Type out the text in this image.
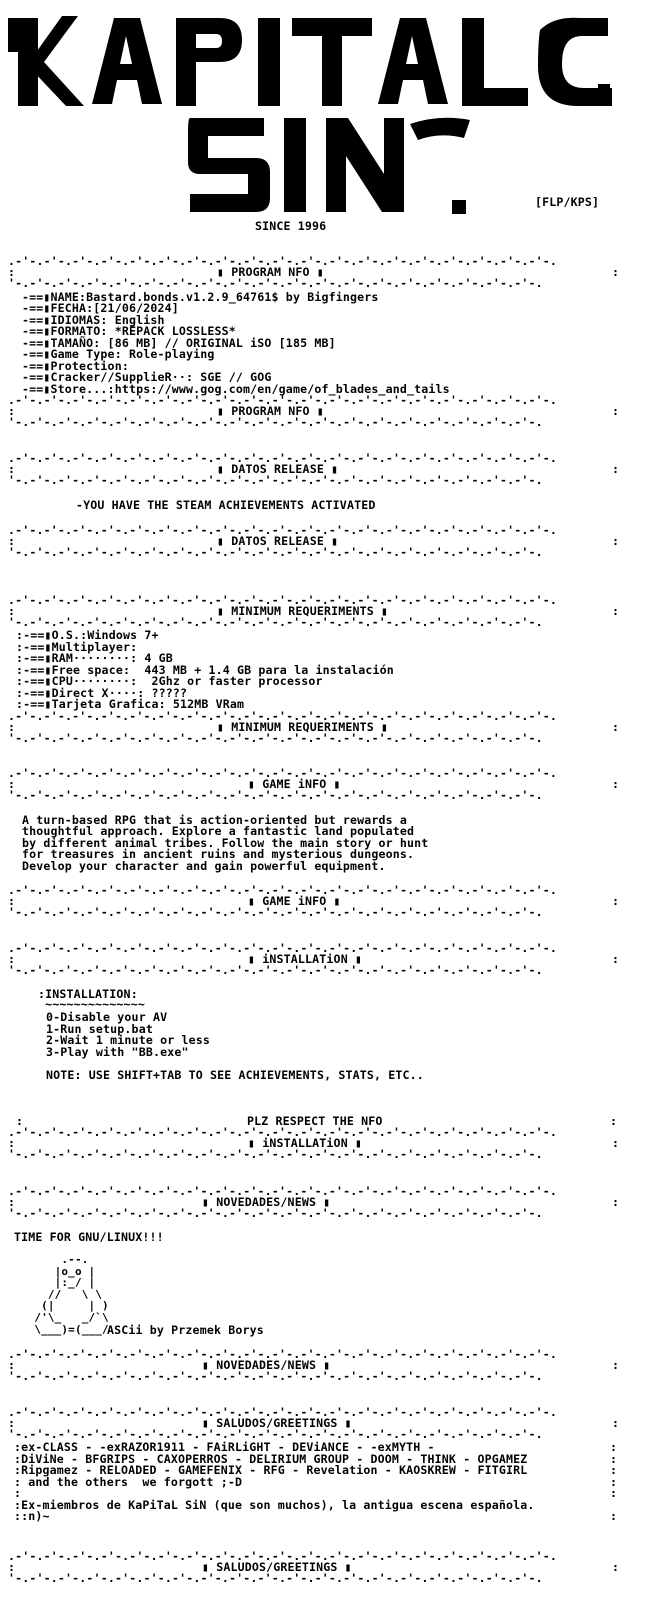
[FLP/KPS]
SINCE 1996
.-'-.-'-.-'-.-'-.-'-.-'-.-'-.-'-.-'-.-'-.-'-.-'-.-'-.-'-.-'-.-'-.-'-.-'-.-'-.
:	▮ PROGRAM NFO ▮	:
'-.-'-.-'-.-'-.-'-.-'-.-'-.-'-.-'-.-'-.-'-.-'-.-'-.-'-.-'-.-'-.-'-.-'-.-'-.
-==▮NAME:Bastard.bonds.v1.2.9_64761$ by Bigfingers
-==▮FECHA:[21/06/2024]
-==▮IDIOMAS: English
-==▮FORMATO: *REPACK LOSSLESS*
-==▮TAMAÑO: [86 MB] // ORIGINAL iSO [185 MB]
-==▮Game Type: Role-playing
-==▮Protection:
-==▮Cracker//SupplieR··: SGE // GOG
-==▮Store...:https://www.gog.com/en/game/of_blades_and_tails
.-'-.-'-.-'-.-'-.-'-.-'-.-'-.-'-.-'-.-'-.-'-.-'-.-'-.-'-.-'-.-'-.-'-.-'-.-'-.
:	▮ PROGRAM NFO ▮	:
'-.-'-.-'-.-'-.-'-.-'-.-'-.-'-.-'-.-'-.-'-.-'-.-'-.-'-.-'-.-'-.-'-.-'-.-'-.
.-'-.-'-.-'-.-'-.-'-.-'-.-'-.-'-.-'-.-'-.-'-.-'-.-'-.-'-.-'-.-'-.-'-.-'-.-'-.
:	▮ DATOS RELEASE ▮	:
'-.-'-.-'-.-'-.-'-.-'-.-'-.-'-.-'-.-'-.-'-.-'-.-'-.-'-.-'-.-'-.-'-.-'-.-'-.
-YOU HAVE THE STEAM ACHIEVEMENTS ACTIVATED
.-'-.-'-.-'-.-'-.-'-.-'-.-'-.-'-.-'-.-'-.-'-.-'-.-'-.-'-.-'-.-'-.-'-.-'-.-'-.
:	▮ DATOS RELEASE ▮	:
'-.-'-.-'-.-'-.-'-.-'-.-'-.-'-.-'-.-'-.-'-.-'-.-'-.-'-.-'-.-'-.-'-.-'-.-'-.
.-'-.-'-.-'-.-'-.-'-.-'-.-'-.-'-.-'-.-'-.-'-.-'-.-'-.-'-.-'-.-'-.-'-.-'-.-'-.
:	▮ MINIMUM REQUERIMENTS ▮	:
'-.-'-.-'-.-'-.-'-.-'-.-'-.-'-.-'-.-'-.-'-.-'-.-'-.-'-.-'-.-'-.-'-.-'-.-'-.
:-==▮O.S.:Windows 7+
:-==▮Multiplayer:
:-==▮RAM········: 4 GB
:-==▮Free space:  443 MB + 1.4 GB para la instalación
:-==▮CPU········:  2Ghz or faster processor
:-==▮Direct X····: ?????
:-==▮Tarjeta Grafica: 512MB VRam
.-'-.-'-.-'-.-'-.-'-.-'-.-'-.-'-.-'-.-'-.-'-.-'-.-'-.-'-.-'-.-'-.-'-.-'-.-'-.
:	▮ MINIMUM REQUERIMENTS ▮	:
'-.-'-.-'-.-'-.-'-.-'-.-'-.-'-.-'-.-'-.-'-.-'-.-'-.-'-.-'-.-'-.-'-.-'-.-'-.
.-'-.-'-.-'-.-'-.-'-.-'-.-'-.-'-.-'-.-'-.-'-.-'-.-'-.-'-.-'-.-'-.-'-.-'-.-'-.
:	▮ GAME iNFO ▮	:
'-.-'-.-'-.-'-.-'-.-'-.-'-.-'-.-'-.-'-.-'-.-'-.-'-.-'-.-'-.-'-.-'-.-'-.-'-.
A turn-based RPG that is action-oriented but rewards a
thoughtful approach. Explore a fantastic land populated
by different animal tribes. Follow the main story or hunt
for treasures in ancient ruins and mysterious dungeons.
Develop your character and gain powerful equipment.
.-'-.-'-.-'-.-'-.-'-.-'-.-'-.-'-.-'-.-'-.-'-.-'-.-'-.-'-.-'-.-'-.-'-.-'-.-'-.
:	▮ GAME iNFO ▮	:
'-.-'-.-'-.-'-.-'-.-'-.-'-.-'-.-'-.-'-.-'-.-'-.-'-.-'-.-'-.-'-.-'-.-'-.-'-.
.-'-.-'-.-'-.-'-.-'-.-'-.-'-.-'-.-'-.-'-.-'-.-'-.-'-.-'-.-'-.-'-.-'-.-'-.-'-.
:	▮ iNSTALLATiON ▮	:
'-.-'-.-'-.-'-.-'-.-'-.-'-.-'-.-'-.-'-.-'-.-'-.-'-.-'-.-'-.-'-.-'-.-'-.-'-.
:INSTALLATION:
~~~~~~~~~~~~~~
0-Disable your AV
1-Run setup.bat
2-Wait 1 minute or less
3-Play with "BB.exe"
NOTE: USE SHIFT+TAB TO SEE ACHIEVEMENTS, STATS, ETC..
:	PLZ RESPECT THE NFO	:
.-'-.-'-.-'-.-'-.-'-.-'-.-'-.-'-.-'-.-'-.-'-.-'-.-'-.-'-.-'-.-'-.-'-.-'-.-'-.
:	▮ iNSTALLATiON ▮	:
'-.-'-.-'-.-'-.-'-.-'-.-'-.-'-.-'-.-'-.-'-.-'-.-'-.-'-.-'-.-'-.-'-.-'-.-'-.
.-'-.-'-.-'-.-'-.-'-.-'-.-'-.-'-.-'-.-'-.-'-.-'-.-'-.-'-.-'-.-'-.-'-.-'-.-'-.
:	▮ NOVEDADES/NEWS ▮	:
'-.-'-.-'-.-'-.-'-.-'-.-'-.-'-.-'-.-'-.-'-.-'-.-'-.-'-.-'-.-'-.-'-.-'-.-'-.
TIME FOR GNU/LINUX!!!
.--.
|o_o |
|:_/ |
//   \ \
(|     | )
/'\_   _/`\
\___)=(___/
ASCii by Przemek Borys
.-'-.-'-.-'-.-'-.-'-.-'-.-'-.-'-.-'-.-'-.-'-.-'-.-'-.-'-.-'-.-'-.-'-.-'-.-'-.
:	▮ NOVEDADES/NEWS ▮	:
'-.-'-.-'-.-'-.-'-.-'-.-'-.-'-.-'-.-'-.-'-.-'-.-'-.-'-.-'-.-'-.-'-.-'-.-'-.
.-'-.-'-.-'-.-'-.-'-.-'-.-'-.-'-.-'-.-'-.-'-.-'-.-'-.-'-.-'-.-'-.-'-.-'-.-'-.
:	▮ SALUDOS/GREETINGS ▮	:
'-.-'-.-'-.-'-.-'-.-'-.-'-.-'-.-'-.-'-.-'-.-'-.-'-.-'-.-'-.-'-.-'-.-'-.-'-.
:ex-CLASS - -exRAZOR1911 - FAiRLiGHT - DEViANCE - -exMYTH -
:DiViNe - BFGRIPS - CAXOPERROS - DELIRIUM GROUP - DOOM - THINK - OPGAMEZ
:Ripgamez - RELOADED - GAMEFENIX - RFG - Revelation - KAOSKREW - FITGIRL
: and the others  we forgott ;-D
:
:Ex-miembros de KaPiTaL SiN (que son muchos), la antigua escena española.
::n)~
:
:
:
:
:
:
.-'-.-'-.-'-.-'-.-'-.-'-.-'-.-'-.-'-.-'-.-'-.-'-.-'-.-'-.-'-.-'-.-'-.-'-.-'-.
:	▮ SALUDOS/GREETINGS ▮	:
'-.-'-.-'-.-'-.-'-.-'-.-'-.-'-.-'-.-'-.-'-.-'-.-'-.-'-.-'-.-'-.-'-.-'-.-'-.
